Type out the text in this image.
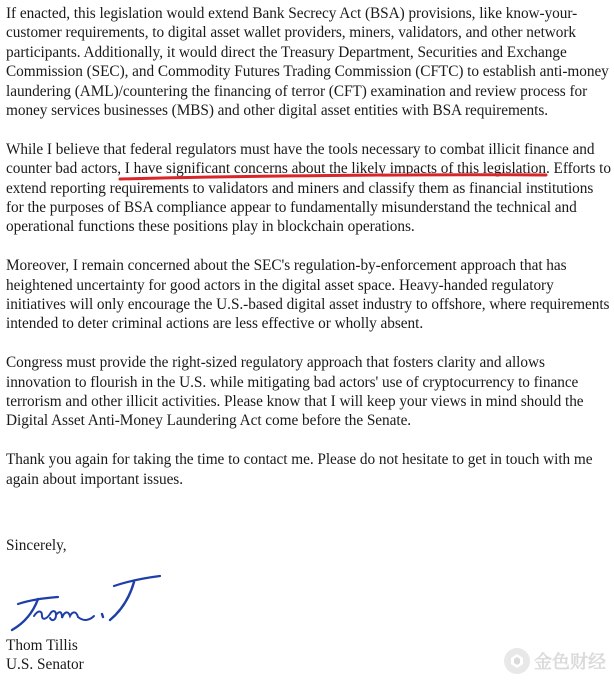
If enacted, this legislation would extend Bank Secrecy Act (BSA) provisions, like know-your-customer requirements, to digital asset wallet providers, miners, validators, and other network participants. Additionally, it would direct the Treasury Department, Securities and Exchange Commission (SEC), and Commodity Futures Trading Commission (CFTC) to establish anti-money laundering (AML)/countering the financing of terror (CFT) examination and review process for money services businesses (MBS) and other digital asset entities with BSA requirements.

While I believe that federal regulators must have the tools necessary to combat illicit finance and counter bad actors, I have significant concerns about the likely impacts of this legislation. Efforts to extend reporting requirements to validators and miners and classify them as financial institutions for the purposes of BSA compliance appear to fundamentally misunderstand the technical and operational functions these positions play in blockchain operations.

Moreover, I remain concerned about the SEC's regulation-by-enforcement approach that has heightened uncertainty for good actors in the digital asset space. Heavy-handed regulatory initiatives will only encourage the U.S.-based digital asset industry to offshore, where requirements intended to deter criminal actions are less effective or wholly absent.

Congress must provide the right-sized regulatory approach that fosters clarity and allows innovation to flourish in the U.S. while mitigating bad actors' use of cryptocurrency to finance terrorism and other illicit activities. Please know that I will keep your views in mind should the Digital Asset Anti-Money Laundering Act come before the Senate.

Thank you again for taking the time to contact me. Please do not hesitate to get in touch with me again about important issues.

Sincerely,
Thom Tillis
U.S. Senator	金色财经
